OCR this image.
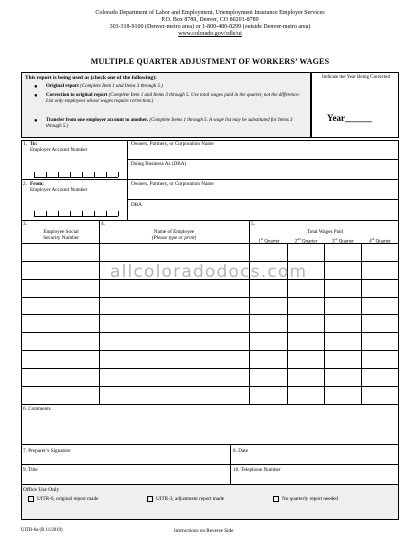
Colorado Department of Labor and Employment, Unemployment Insurance Employer Services
P.O. Box 8789, Denver, CO 80201-8789
303-318-9100 (Denver-metro area) or 1-800-480-8299 (outside Denver-metro area)
www.colorado.gov/cdle/ui
MULTIPLE QUARTER ADJUSTMENT OF WORKERS’ WAGES
This report is being used as (check one of the following):
● Original report (Complete Item 1 and Items 3 through 5.)
● Correction to original report (Complete Item 1 and Items 3 through 5. Use total wages paid in the quarter, not the difference. List only employees whose wages require correction.)
● Transfer from one employer account to another. (Complete Items 1 through 5. A wage list may be substituted for Items 3 through 5.)
Indicate the Year Being Corrected
Year______
1. To:
Employer Account Number
Owners, Partners, or Corporation Name
Doing Business As (DBA)
2. From:
Employer Account Number
Owners, Partners, or Corporation Name
DBA
3.
Employee Social
Security Number
4.
Name of Employee
(Please type or print)
5.
Total Wages Paid
1st Quarter	2nd Quarter	3rd Quarter	4th Quarter
allcoloradodocs.com
6. Comments
7. Preparer’s Signature	8. Date
9. Title	10. Telephone Number
Office Use Only
UITR-6, original report made	UITR-3, adjustment report made	No quarterly report needed
UITR-6a (R 11/2010)	Instructions on Reverse Side
